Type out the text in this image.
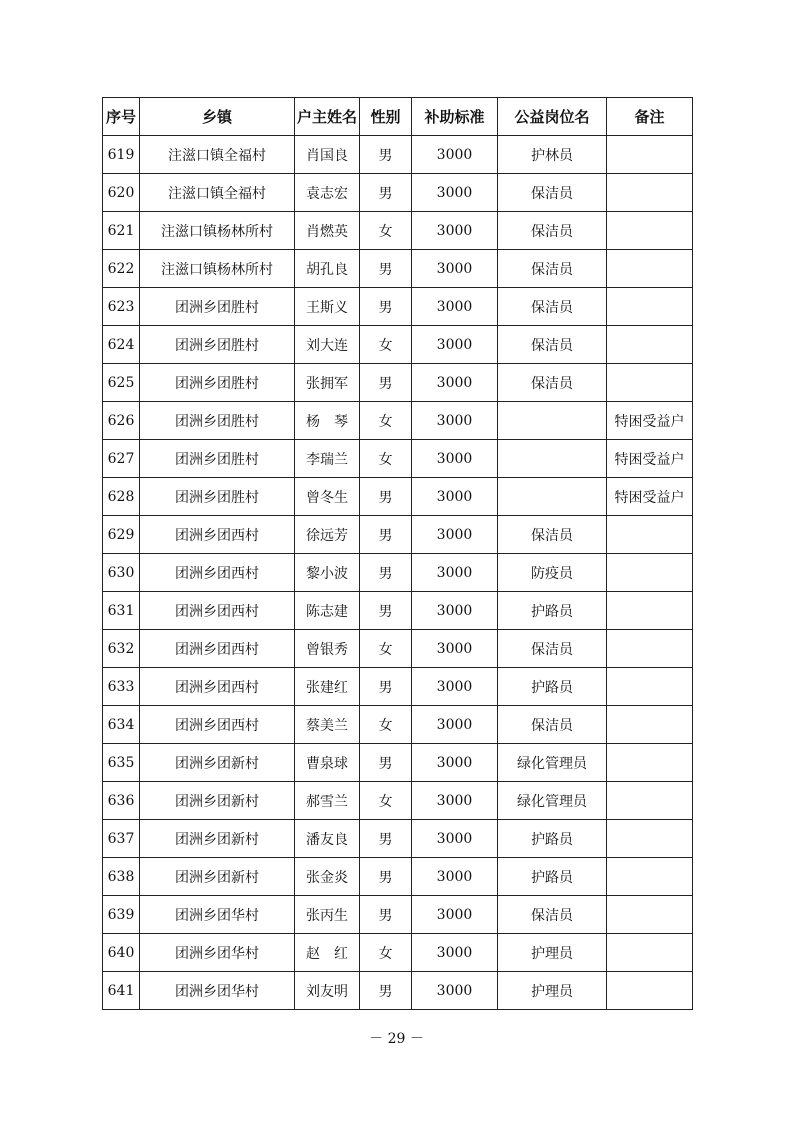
序号	乡镇	户主姓名	性别	补助标准	公益岗位名	备注
619	注滋口镇全福村	肖国良	男	3000	护林员	
620	注滋口镇全福村	袁志宏	男	3000	保洁员	
621	注滋口镇杨林所村	肖燃英	女	3000	保洁员	
622	注滋口镇杨林所村	胡孔良	男	3000	保洁员	
623	团洲乡团胜村	王斯义	男	3000	保洁员	
624	团洲乡团胜村	刘大连	女	3000	保洁员	
625	团洲乡团胜村	张拥军	男	3000	保洁员	
626	团洲乡团胜村	杨　琴	女	3000		特困受益户
627	团洲乡团胜村	李瑞兰	女	3000		特困受益户
628	团洲乡团胜村	曾冬生	男	3000		特困受益户
629	团洲乡团西村	徐远芳	男	3000	保洁员	
630	团洲乡团西村	黎小波	男	3000	防疫员	
631	团洲乡团西村	陈志建	男	3000	护路员	
632	团洲乡团西村	曾银秀	女	3000	保洁员	
633	团洲乡团西村	张建红	男	3000	护路员	
634	团洲乡团西村	蔡美兰	女	3000	保洁员	
635	团洲乡团新村	曹泉球	男	3000	绿化管理员	
636	团洲乡团新村	郝雪兰	女	3000	绿化管理员	
637	团洲乡团新村	潘友良	男	3000	护路员	
638	团洲乡团新村	张金炎	男	3000	护路员	
639	团洲乡团华村	张丙生	男	3000	保洁员	
640	团洲乡团华村	赵　红	女	3000	护理员	
641	团洲乡团华村	刘友明	男	3000	护理员	
－ 29 －
